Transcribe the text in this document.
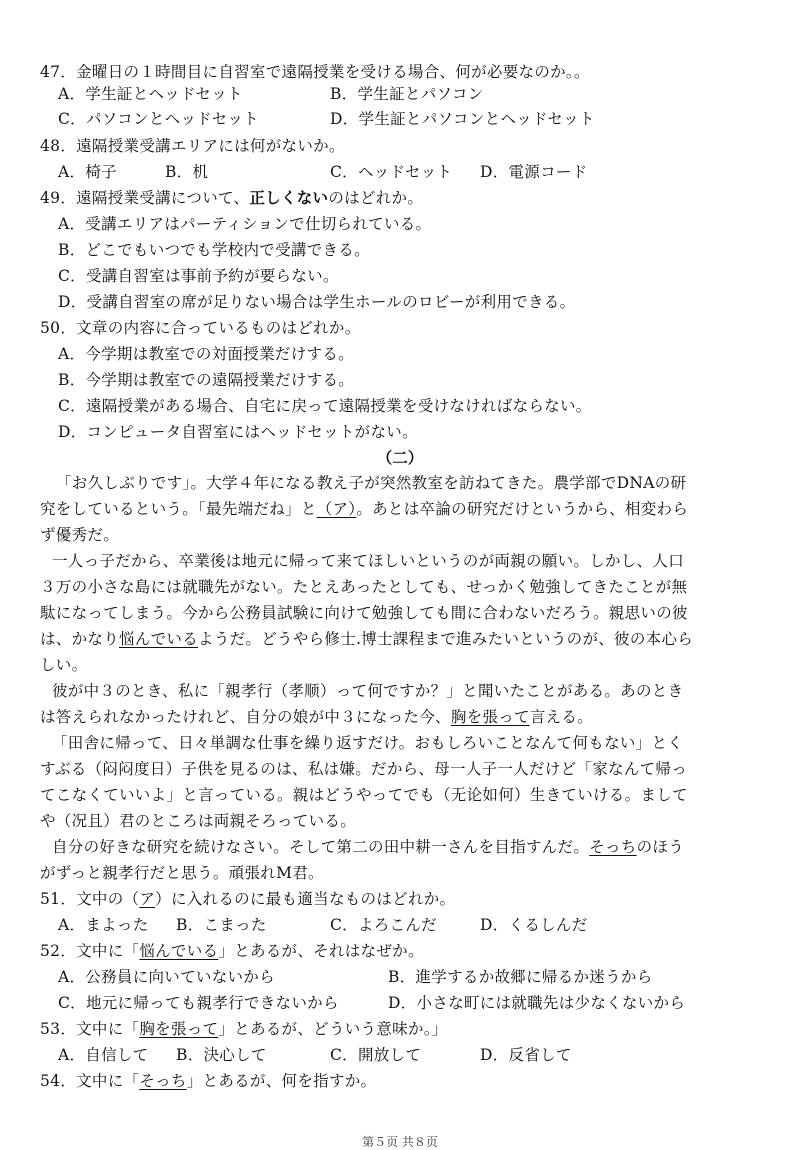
47．金曜日の１時間目に自習室で遠隔授業を受ける場合、何が必要なのか。。
A．学生証とヘッドセット	B．学生証とパソコン
C．パソコンとヘッドセット	D．学生証とパソコンとヘッドセット
48．遠隔授業受講エリアには何がないか。
A．椅子	B．机	C．ヘッドセット D．電源コード
49．遠隔授業受講について、正しくないのはどれか。
A．受講エリアはパーティションで仕切られている。
B．どこでもいつでも学校内で受講できる。
C．受講自習室は事前予約が要らない。
D．受講自習室の席が足りない場合は学生ホールのロビーが利用できる。
50．文章の内容に合っているものはどれか。
A．今学期は教室での対面授業だけする。
B．今学期は教室での遠隔授業だけする。
C．遠隔授業がある場合、自宅に戻って遠隔授業を受けなければならない。
D．コンピュータ自習室にはヘッドセットがない。
（二）
「お久しぶりです」。大学４年になる教え子が突然教室を訪ねてきた。農学部でDNAの研
究をしているという。「最先端だね」と（ア）。あとは卒論の研究だけというから、相変わら
ず優秀だ。
一人っ子だから、卒業後は地元に帰って来てほしいというのが両親の願い。しかし、人口
３万の小さな島には就職先がない。たとえあったとしても、せっかく勉強してきたことが無
駄になってしまう。今から公務員試験に向けて勉強しても間に合わないだろう。親思いの彼
は、かなり悩んでいるようだ。どうやら修士.博士課程まで進みたいというのが、彼の本心ら
しい。
彼が中３のとき、私に「親孝行（孝顺）って何ですか？」と聞いたことがある。あのとき
は答えられなかったけれど、自分の娘が中３になった今、胸を張って言える。
「田舎に帰って、日々単調な仕事を繰り返すだけ。おもしろいことなんて何もない」とく
すぶる（闷闷度日）子供を見るのは、私は嫌。だから、母一人子一人だけど「家なんて帰っ
てこなくていいよ」と言っている。親はどうやってでも（无论如何）生きていける。まして
や（况且）君のところは両親そろっている。
自分の好きな研究を続けなさい。そして第二の田中耕一さんを目指すんだ。そっちのほう
がずっと親孝行だと思う。頑張れM君。
51．文中の（ア）に入れるのに最も適当なものはどれか。
A．まよった B．こまった	C．よろこんだ	D．くるしんだ
52．文中に「悩んでいる」とあるが、それはなぜか。
A．公務員に向いていないから	B．進学するか故郷に帰るか迷うから
C．地元に帰っても親孝行できないから	D．小さな町には就職先は少なくないから
53．文中に「胸を張って」とあるが、どういう意味か。」
A．自信して B．決心して	C．開放して	D．反省して
54．文中に「そっち」とあるが、何を指すか。
第５页 共８页
